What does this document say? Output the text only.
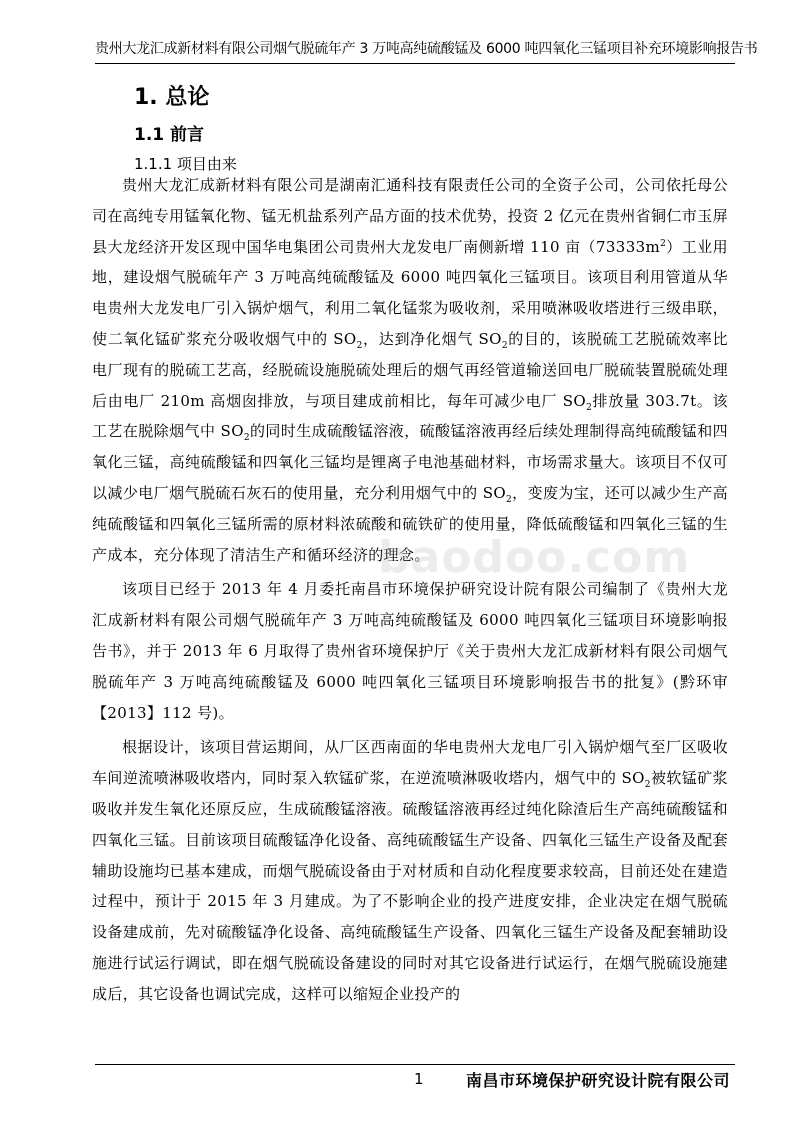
贵州大龙汇成新材料有限公司烟气脱硫年产 3 万吨高纯硫酸锰及 6000 吨四氧化三锰项目补充环境影响报告书
1. 总论
1.1 前言
1.1.1 项目由来

贵州大龙汇成新材料有限公司是湖南汇通科技有限责任公司的全资子公司，公司依托母公司在高纯专用锰氧化物、锰无机盐系列产品方面的技术优势，投资 2 亿元在贵州省铜仁市玉屏县大龙经济开发区现中国华电集团公司贵州大龙发电厂南侧新增 110 亩$(73333m^2)$工业用地，建设烟气脱硫年产 3 万吨高纯硫酸锰及 6000 吨四氧化三锰项目。该项目利用管道从华电贵州大龙发电厂引入锅炉烟气，利用二氧化锰浆为吸收剂，采用喷淋吸收塔进行三级串联，使二氧化锰矿浆充分吸收烟气中的 $SO_2$，达到净化烟气 $SO_2$的目的，该脱硫工艺脱硫效率比电厂现有的脱硫工艺高，经脱硫设施脱硫处理后的烟气再经管道输送回电厂脱硫装置脱硫处理后由电厂 210m 高烟囱排放，与项目建成前相比，每年可减少电厂 $SO_2$排放量 303.7t。该工艺在脱除烟气中 $SO_2$的同时生成硫酸锰溶液，硫酸锰溶液再经后续处理制得高纯硫酸锰和四氧化三锰，高纯硫酸锰和四氧化三锰均是锂离子电池基础材料，市场需求量大。该项目不仅可以减少电厂烟气脱硫石灰石的使用量，充分利用烟气中的 $SO_2$，变废为宝，还可以减少生产高纯硫酸锰和四氧化三锰所需的原材料浓硫酸和硫铁矿的使用量，降低硫酸锰和四氧化三锰的生产成本，充分体现了清洁生产和循环经济的理念。

该项目已经于 2013 年 4 月委托南昌市环境保护研究设计院有限公司编制了《贵州大龙汇成新材料有限公司烟气脱硫年产 3 万吨高纯硫酸锰及 6000 吨四氧化三锰项目环境影响报告书》，并于 2013 年 6 月取得了贵州省环境保护厅《关于贵州大龙汇成新材料有限公司烟气脱硫年产 3 万吨高纯硫酸锰及 6000 吨四氧化三锰项目环境影响报告书的批复》(黔环审【2013】112 号)。

根据设计，该项目营运期间，从厂区西南面的华电贵州大龙电厂引入锅炉烟气至厂区吸收车间逆流喷淋吸收塔内，同时泵入软锰矿浆，在逆流喷淋吸收塔内，烟气中的 $SO_2$被软锰矿浆吸收并发生氧化还原反应，生成硫酸锰溶液。硫酸锰溶液再经过纯化除渣后生产高纯硫酸锰和四氧化三锰。目前该项目硫酸锰净化设备、高纯硫酸锰生产设备、四氧化三锰生产设备及配套辅助设施均已基本建成，而烟气脱硫设备由于对材质和自动化程度要求较高，目前还处在建造过程中，预计于 2015 年 3 月建成。为了不影响企业的投产进度安排，企业决定在烟气脱硫设备建成前，先对硫酸锰净化设备、高纯硫酸锰生产设备、四氧化三锰生产设备及配套辅助设施进行试运行调试，即在烟气脱硫设备建设的同时对其它设备进行试运行，在烟气脱硫设施建成后，其它设备也调试完成，这样可以缩短企业投产的

baodoo.com
1	南昌市环境保护研究设计院有限公司
